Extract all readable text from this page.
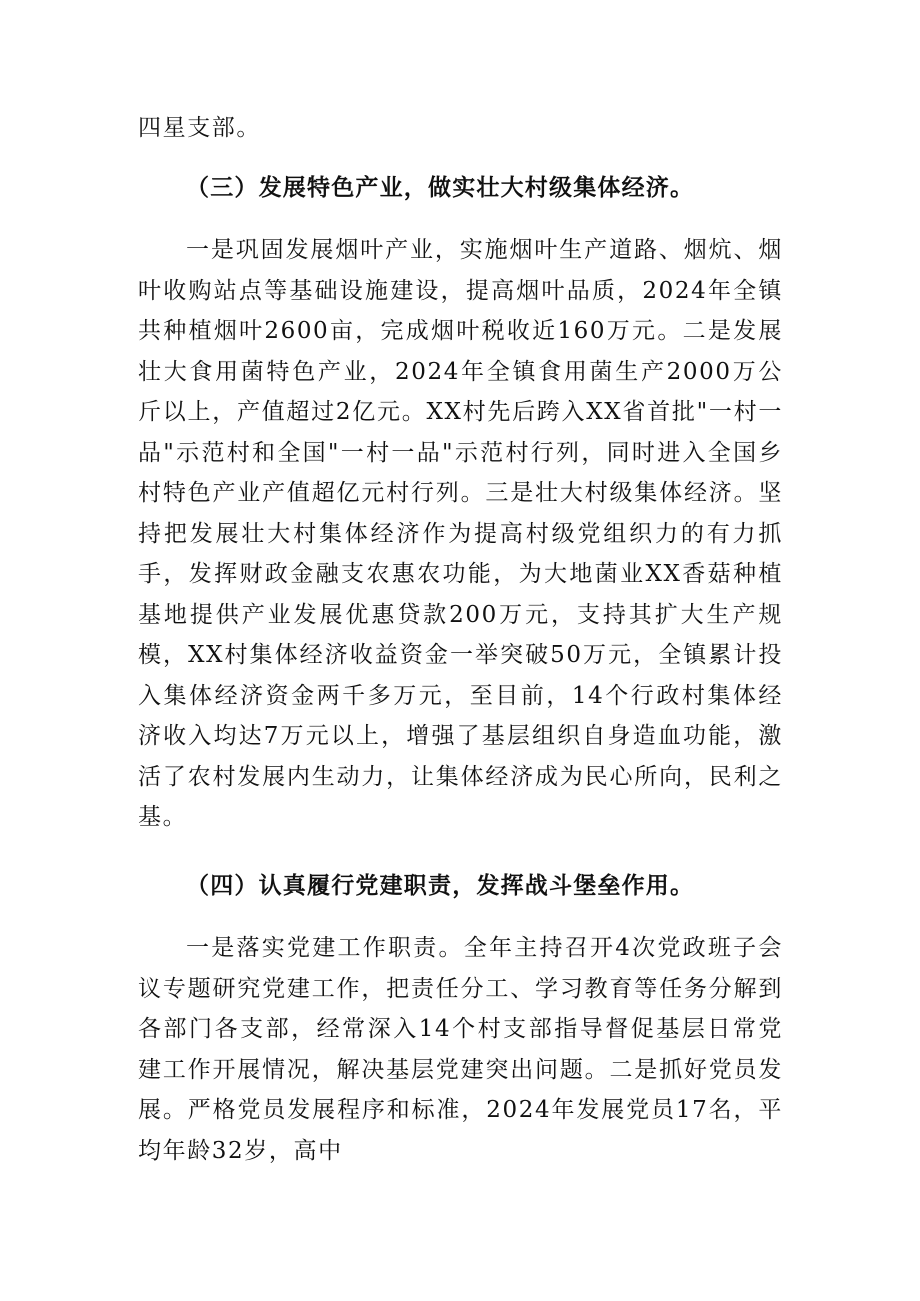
四星支部。

（三）发展特色产业，做实壮大村级集体经济。

一是巩固发展烟叶产业，实施烟叶生产道路、烟炕、烟叶收购站点等基础设施建设，提高烟叶品质，2024年全镇共种植烟叶2600亩，完成烟叶税收近160万元。二是发展壮大食用菌特色产业，2024年全镇食用菌生产2000万公斤以上，产值超过2亿元。XX村先后跨入XX省首批"一村一品"示范村和全国"一村一品"示范村行列，同时进入全国乡村特色产业产值超亿元村行列。三是壮大村级集体经济。坚持把发展壮大村集体经济作为提高村级党组织力的有力抓手，发挥财政金融支农惠农功能，为大地菌业XX香菇种植基地提供产业发展优惠贷款200万元，支持其扩大生产规模，XX村集体经济收益资金一举突破50万元，全镇累计投入集体经济资金两千多万元，至目前，14个行政村集体经济收入均达7万元以上，增强了基层组织自身造血功能，激活了农村发展内生动力，让集体经济成为民心所向，民利之基。

（四）认真履行党建职责，发挥战斗堡垒作用。

一是落实党建工作职责。全年主持召开4次党政班子会议专题研究党建工作，把责任分工、学习教育等任务分解到各部门各支部，经常深入14个村支部指导督促基层日常党建工作开展情况，解决基层党建突出问题。二是抓好党员发展。严格党员发展程序和标准，2024年发展党员17名，平均年龄32岁，高中
